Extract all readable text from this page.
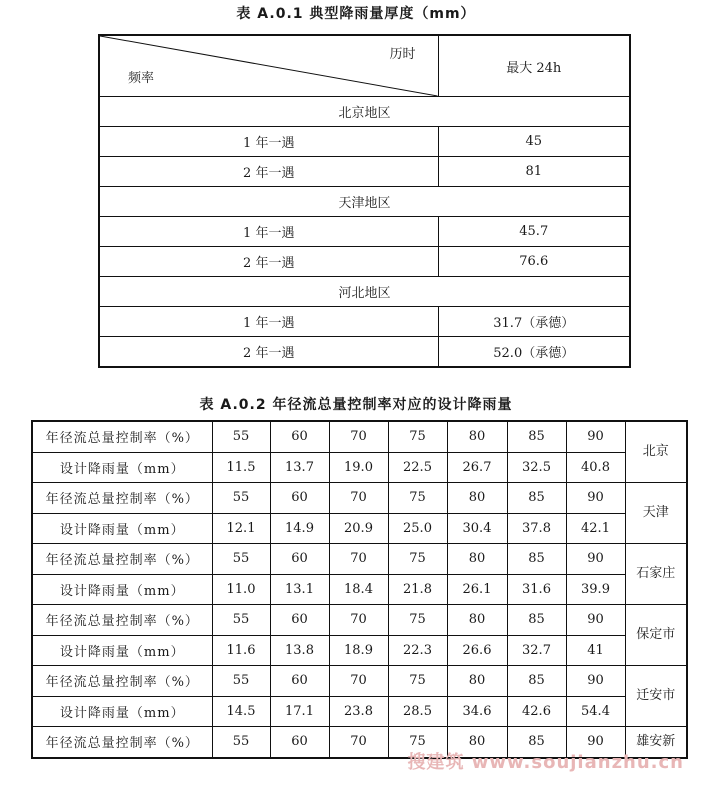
表 A.0.1 典型降雨量厚度（mm）
历时
频率	最大 24h
北京地区	
1 年一遇	45
2 年一遇	81
天津地区	
1 年一遇	45.7
2 年一遇	76.6
河北地区	
1 年一遇	31.7（承德）
2 年一遇	52.0（承德）
表 A.0.2 年径流总量控制率对应的设计降雨量
年径流总量控制率（%）	55	60	70	75	80	85	90	北京
设计降雨量（mm）	11.5	13.7	19.0	22.5	26.7	32.5	40.8	
年径流总量控制率（%）	55	60	70	75	80	85	90	天津
设计降雨量（mm）	12.1	14.9	20.9	25.0	30.4	37.8	42.1	
年径流总量控制率（%）	55	60	70	75	80	85	90	石家庄
设计降雨量（mm）	11.0	13.1	18.4	21.8	26.1	31.6	39.9	
年径流总量控制率（%）	55	60	70	75	80	85	90	保定市
设计降雨量（mm）	11.6	13.8	18.9	22.3	26.6	32.7	41	
年径流总量控制率（%）	55	60	70	75	80	85	90	迁安市
设计降雨量（mm）	14.5	17.1	23.8	28.5	34.6	42.6	54.4	
年径流总量控制率（%）	55	60	70	75	80	85	90	雄安新
搜建筑 www.soujianzhu.cn
